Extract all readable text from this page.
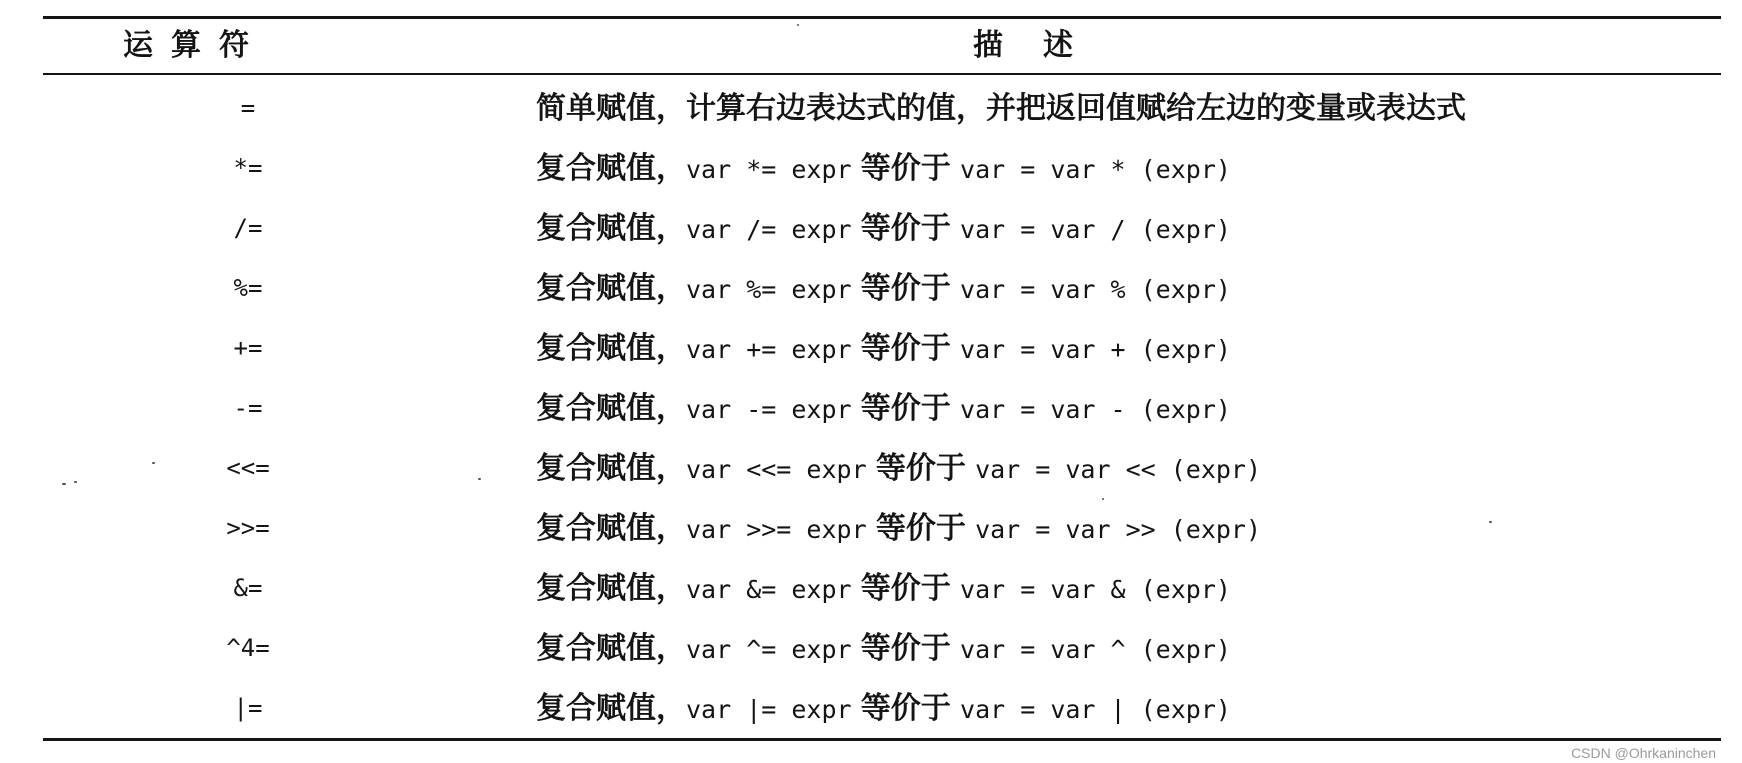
运算符	描述
=	简单赋值，计算右边表达式的值，并把返回值赋给左边的变量或表达式
*=	复合赋值，var *= expr 等价于 var = var * (expr)
/=	复合赋值，var /= expr 等价于 var = var / (expr)
%=	复合赋值，var %= expr 等价于 var = var % (expr)
+=	复合赋值，var += expr 等价于 var = var + (expr)
-=	复合赋值，var -= expr 等价于 var = var - (expr)
<<=	复合赋值，var <<= expr 等价于 var = var << (expr)
>>=	复合赋值，var >>= expr 等价于 var = var >> (expr)
&=	复合赋值，var &= expr 等价于 var = var & (expr)
^4=	复合赋值，var ^= expr 等价于 var = var ^ (expr)
|=	复合赋值，var |= expr 等价于 var = var | (expr)
CSDN @Ohrkaninchen
